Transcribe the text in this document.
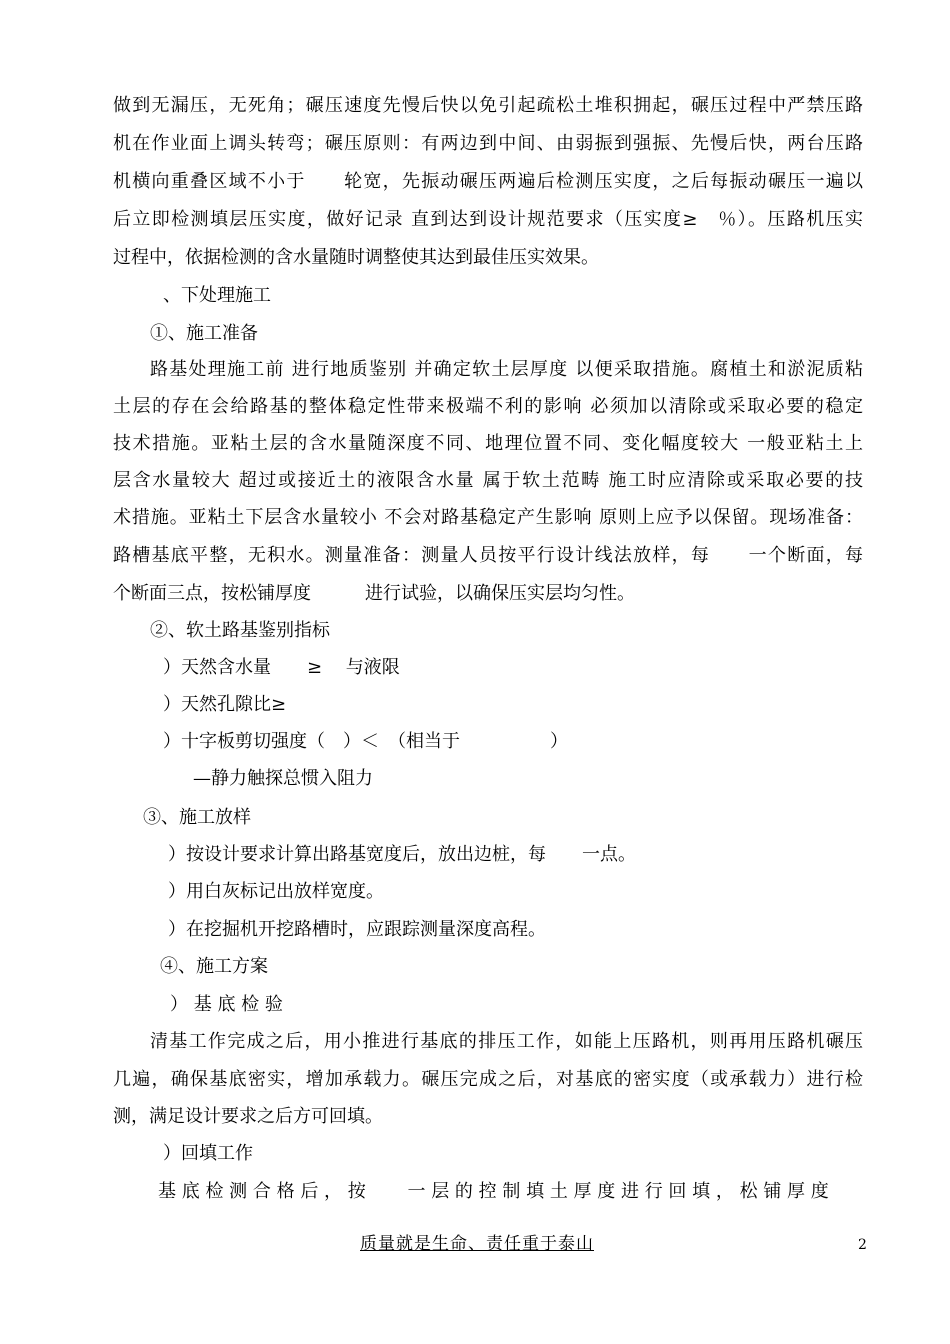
做到无漏压，无死角；碾压速度先慢后快以免引起疏松土堆积拥起，碾压过程中严禁压路
机在作业面上调头转弯；碾压原则：有两边到中间、由弱振到强振、先慢后快，两台压路
机横向重叠区域不小于　　轮宽，先振动碾压两遍后检测压实度，之后每振动碾压一遍以
后立即检测填层压实度，做好记录 直到达到设计规范要求（压实度≥　％）。压路机压实
过程中，依据检测的含水量随时调整使其达到最佳压实效果。
、下处理施工
①、施工准备
路基处理施工前 进行地质鉴别 并确定软土层厚度 以便采取措施。腐植土和淤泥质粘
土层的存在会给路基的整体稳定性带来极端不利的影响 必须加以清除或采取必要的稳定
技术措施。亚粘土层的含水量随深度不同、地理位置不同、变化幅度较大 一般亚粘土上
层含水量较大 超过或接近土的液限含水量 属于软土范畴 施工时应清除或采取必要的技
术措施。亚粘土下层含水量较小 不会对路基稳定产生影响 原则上应予以保留。现场准备：
路槽基底平整，无积水。测量准备：测量人员按平行设计线法放样，每　　一个断面，每
个断面三点，按松铺厚度　　　进行试验，以确保压实层均匀性。
②、软土路基鉴别指标
）天然含水量　　≥　 与液限
）天然孔隙比≥
）十字板剪切强度（　）＜　（相当于　　　　　）
—静力触探总惯入阻力
③、施工放样
）按设计要求计算出路基宽度后，放出边桩，每　　一点。
）用白灰标记出放样宽度。
）在挖掘机开挖路槽时，应跟踪测量深度高程。
④、施工方案
） 基 底 检 验
清基工作完成之后，用小推进行基底的排压工作，如能上压路机，则再用压路机碾压
几遍，确保基底密实，增加承载力。碾压完成之后，对基底的密实度（或承载力）进行检
测，满足设计要求之后方可回填。
）回填工作
基 底 检 测 合 格 后 ， 按　　 一 层 的 控 制 填 土 厚 度 进 行 回 填 ， 松 铺 厚 度
质量就是生命、责任重于泰山	2
